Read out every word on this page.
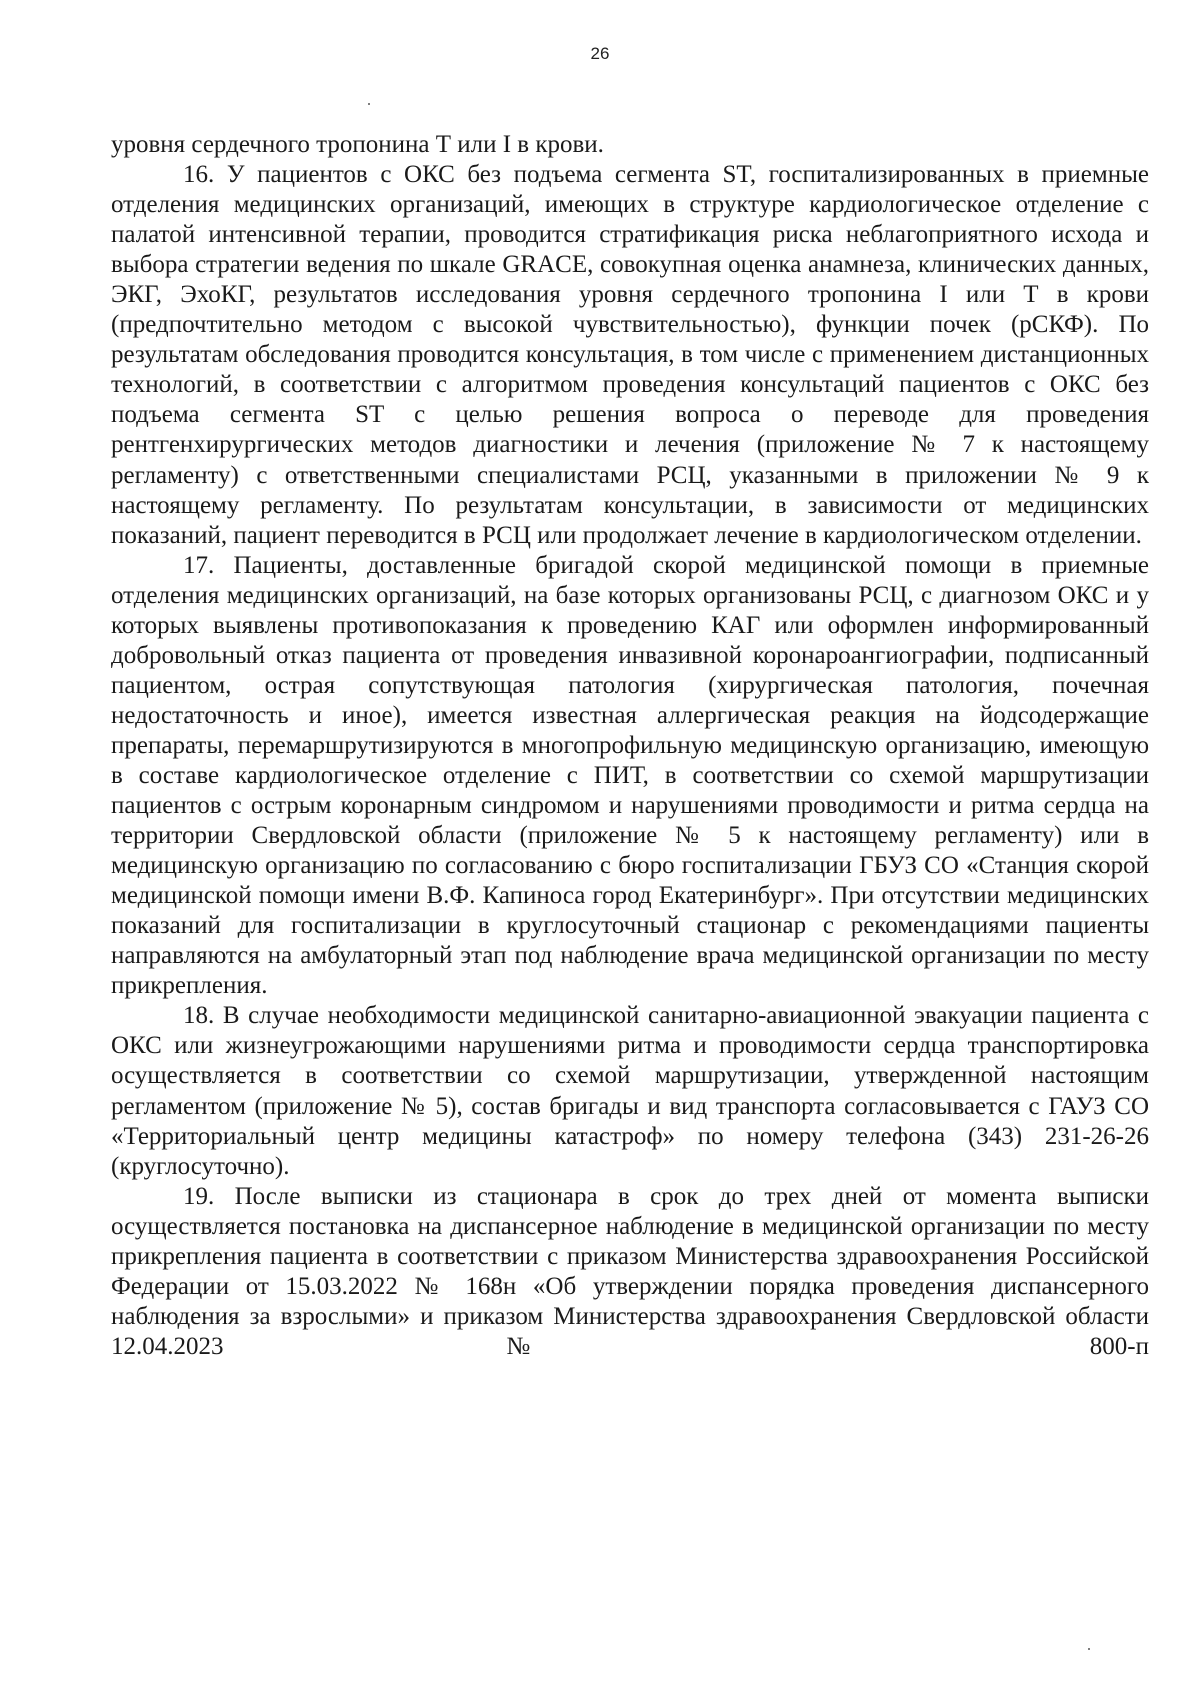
26

уровня сердечного тропонина Т или I в крови.

16. У пациентов с ОКС без подъема сегмента ST, госпитализированных в приемные отделения медицинских организаций, имеющих в структуре кардиологическое отделение с палатой интенсивной терапии, проводится стратификация риска неблагоприятного исхода и выбора стратегии ведения по шкале GRACE, совокупная оценка анамнеза, клинических данных, ЭКГ, ЭхоКГ, результатов исследования уровня сердечного тропонина I или Т в крови (предпочтительно методом с высокой чувствительностью), функции почек (рСКФ). По результатам обследования проводится консультация, в том числе с применением дистанционных технологий, в соответствии с алгоритмом проведения консультаций пациентов с ОКС без подъема сегмента ST с целью решения вопроса о переводе для проведения рентгенхирургических методов диагностики и лечения (приложение № 7 к настоящему регламенту) с ответственными специалистами РСЦ, указанными в приложении № 9 к настоящему регламенту. По результатам консультации, в зависимости от медицинских показаний, пациент переводится в РСЦ или продолжает лечение в кардиологическом отделении.

17. Пациенты, доставленные бригадой скорой медицинской помощи в приемные отделения медицинских организаций, на базе которых организованы РСЦ, с диагнозом ОКС и у которых выявлены противопоказания к проведению КАГ или оформлен информированный добровольный отказ пациента от проведения инвазивной коронароангиографии, подписанный пациентом, острая сопутствующая патология (хирургическая патология, почечная недостаточность и иное), имеется известная аллергическая реакция на йодсодержащие препараты, перемаршрутизируются в многопрофильную медицинскую организацию, имеющую в составе кардиологическое отделение с ПИТ, в соответствии со схемой маршрутизации пациентов с острым коронарным синдромом и нарушениями проводимости и ритма сердца на территории Свердловской области (приложение № 5 к настоящему регламенту) или в медицинскую организацию по согласованию с бюро госпитализации ГБУЗ СО «Станция скорой медицинской помощи имени В.Ф. Капиноса город Екатеринбург». При отсутствии медицинских показаний для госпитализации в круглосуточный стационар с рекомендациями пациенты направляются на амбулаторный этап под наблюдение врача медицинской организации по месту прикрепления.

18. В случае необходимости медицинской санитарно-авиационной эвакуации пациента с ОКС или жизнеугрожающими нарушениями ритма и проводимости сердца транспортировка осуществляется в соответствии со схемой маршрутизации, утвержденной настоящим регламентом (приложение № 5), состав бригады и вид транспорта согласовывается с ГАУЗ СО «Территориальный центр медицины катастроф» по номеру телефона (343) 231-26-26 (круглосуточно).

19. После выписки из стационара в срок до трех дней от момента выписки осуществляется постановка на диспансерное наблюдение в медицинской организации по месту прикрепления пациента в соответствии с приказом Министерства здравоохранения Российской Федерации от 15.03.2022 № 168н «Об утверждении порядка проведения диспансерного наблюдения за взрослыми» и приказом Министерства здравоохранения Свердловской области 12.04.2023 № 800-п
